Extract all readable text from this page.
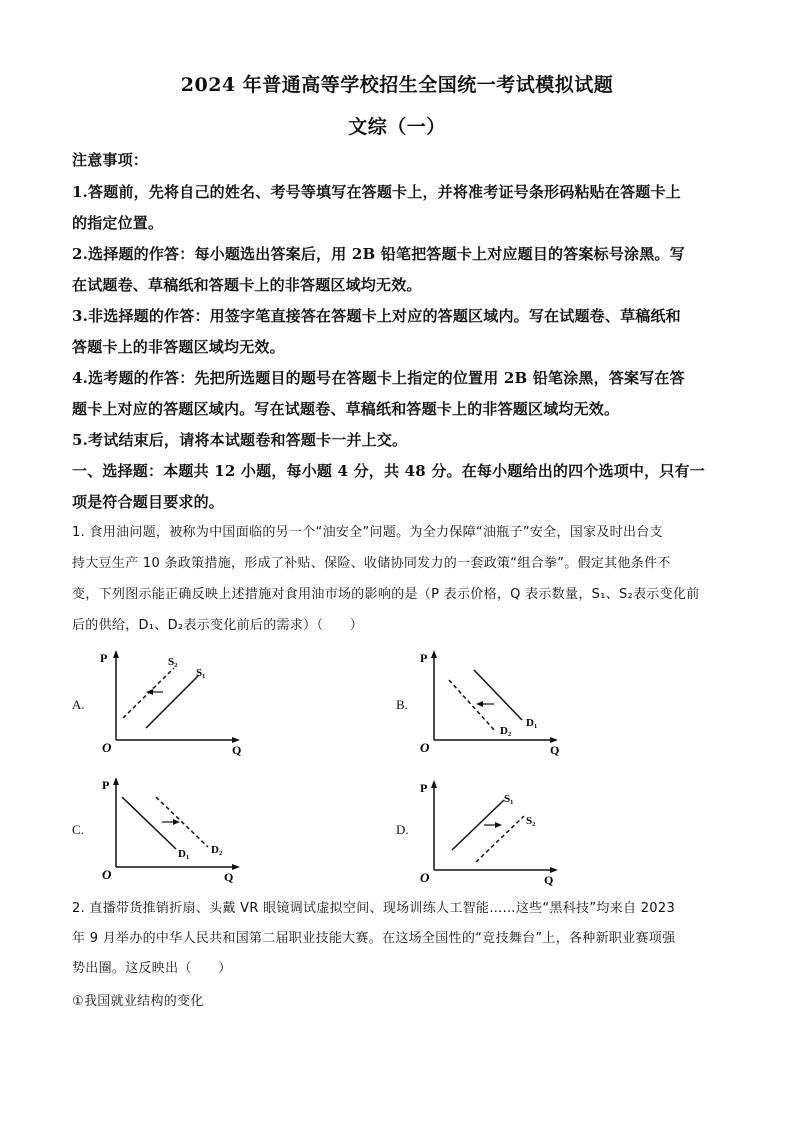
2024 年普通高等学校招生全国统一考试模拟试题
文综（一）
注意事项：
1.答题前，先将自己的姓名、考号等填写在答题卡上，并将准考证号条形码粘贴在答题卡上
的指定位置。
2.选择题的作答：每小题选出答案后，用 2B 铅笔把答题卡上对应题目的答案标号涂黑。写
在试题卷、草稿纸和答题卡上的非答题区域均无效。
3.非选择题的作答：用签字笔直接答在答题卡上对应的答题区域内。写在试题卷、草稿纸和
答题卡上的非答题区域均无效。
4.选考题的作答：先把所选题目的题号在答题卡上指定的位置用 2B 铅笔涂黑，答案写在答
题卡上对应的答题区域内。写在试题卷、草稿纸和答题卡上的非答题区域均无效。
5.考试结束后，请将本试题卷和答题卡一并上交。
一、选择题：本题共 12 小题，每小题 4 分，共 48 分。在每小题给出的四个选项中，只有一
项是符合题目要求的。
1. 食用油问题，被称为中国面临的另一个“油安全”问题。为全力保障“油瓶子”安全，国家及时出台支
持大豆生产 10 条政策措施，形成了补贴、保险、收储协同发力的一套政策“组合拳”。假定其他条件不
变，下列图示能正确反映上述措施对食用油市场的影响的是（P 表示价格，Q 表示数量，S₁、S₂表示变化前
后的供给，D₁、D₂表示变化前后的需求）（　　）
A.
P
Q
O
S₂
S₁
B.
P
Q
O
D₂
D₁
C.
P
Q
O
D₁ D₂
D.
P
Q
O
S₁
S₂
2. 直播带货推销折扇、头戴 VR 眼镜调试虚拟空间、现场训练人工智能……这些“黑科技”均来自 2023
年 9 月举办的中华人民共和国第二届职业技能大赛。在这场全国性的“竞技舞台”上，各种新职业赛项强
势出圈。这反映出（　　）
①我国就业结构的变化
